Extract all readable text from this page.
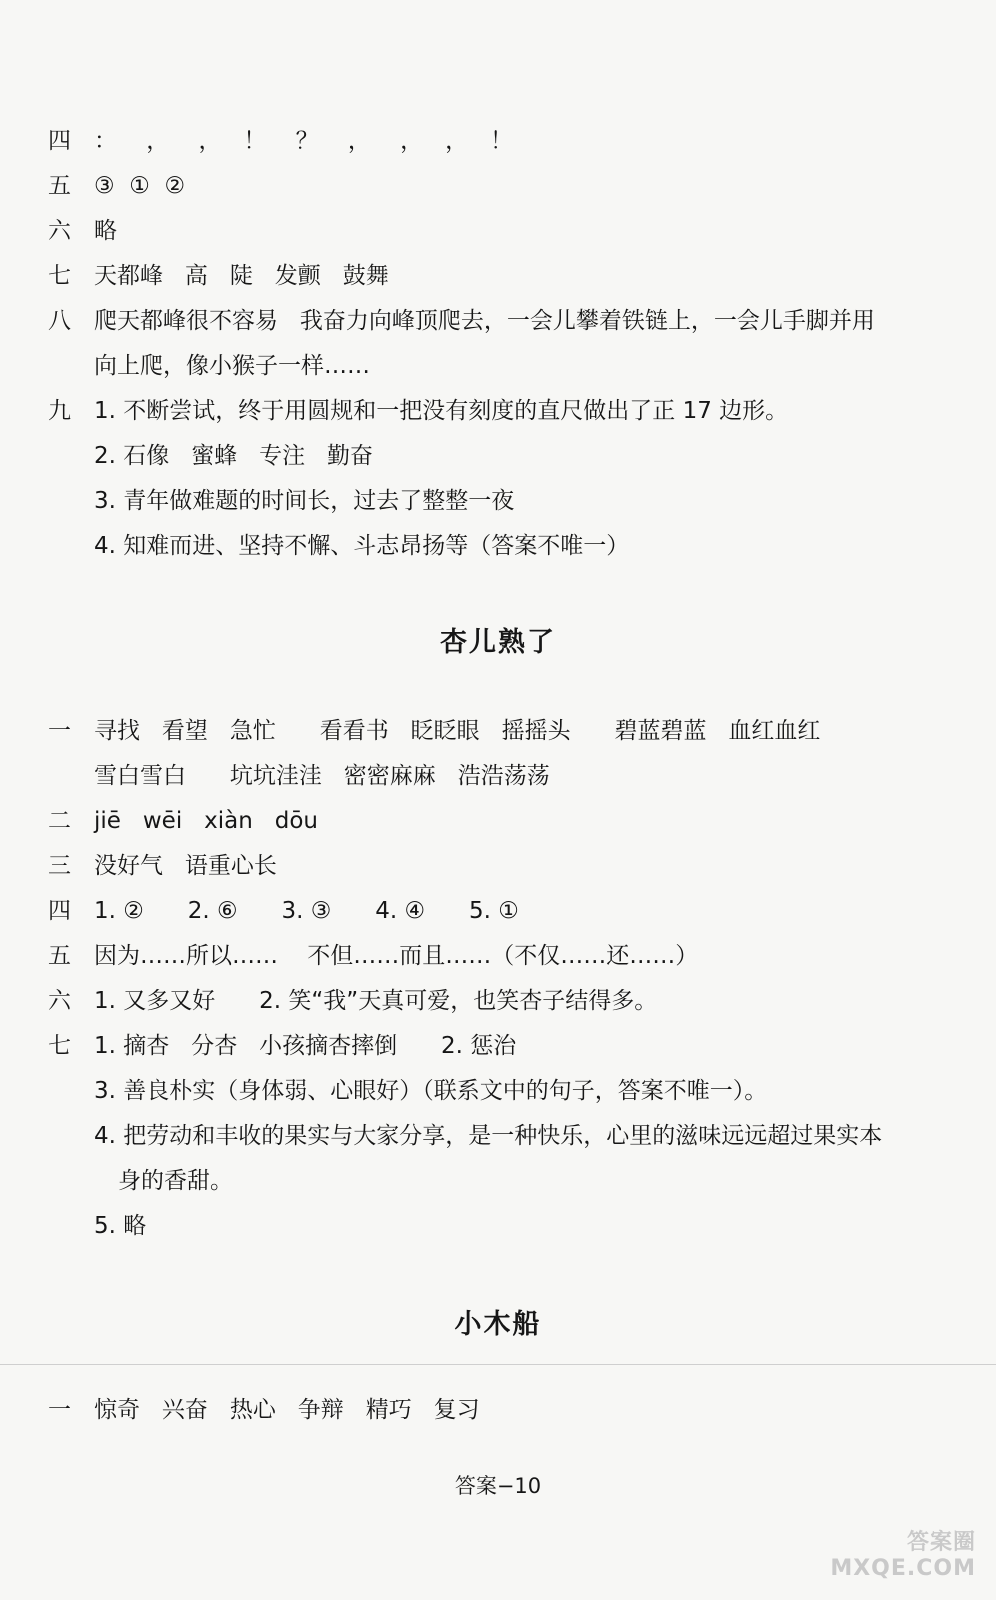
四 ：    ，    ，   ！    ？    ，    ，   ，   ！
五 ③  ①  ②
六 略
七 天都峰   高   陡   发颤   鼓舞
八 爬天都峰很不容易   我奋力向峰顶爬去，一会儿攀着铁链上，一会儿手脚并用
向上爬，像小猴子一样……
九 1. 不断尝试，终于用圆规和一把没有刻度的直尺做出了正 17 边形。
2. 石像   蜜蜂   专注   勤奋
3. 青年做难题的时间长，过去了整整一夜
4. 知难而进、坚持不懈、斗志昂扬等（答案不唯一）
杏儿熟了
一 寻找   看望   急忙      看看书   眨眨眼   摇摇头      碧蓝碧蓝   血红血红
雪白雪白      坑坑洼洼   密密麻麻   浩浩荡荡
二 jiē   wēi   xiàn   dōu
三 没好气   语重心长
四 1. ②      2. ⑥      3. ③      4. ④      5. ①
五 因为……所以……    不但……而且……（不仅……还……）
六 1. 又多又好      2. 笑“我”天真可爱，也笑杏子结得多。
七 1. 摘杏   分杏   小孩摘杏摔倒      2. 惩治
3. 善良朴实（身体弱、心眼好）（联系文中的句子，答案不唯一）。
4. 把劳动和丰收的果实与大家分享，是一种快乐，心里的滋味远远超过果实本
身的香甜。
5. 略
小木船
一 惊奇   兴奋   热心   争辩   精巧   复习
答案−10
答案圈
MXQE.COM
